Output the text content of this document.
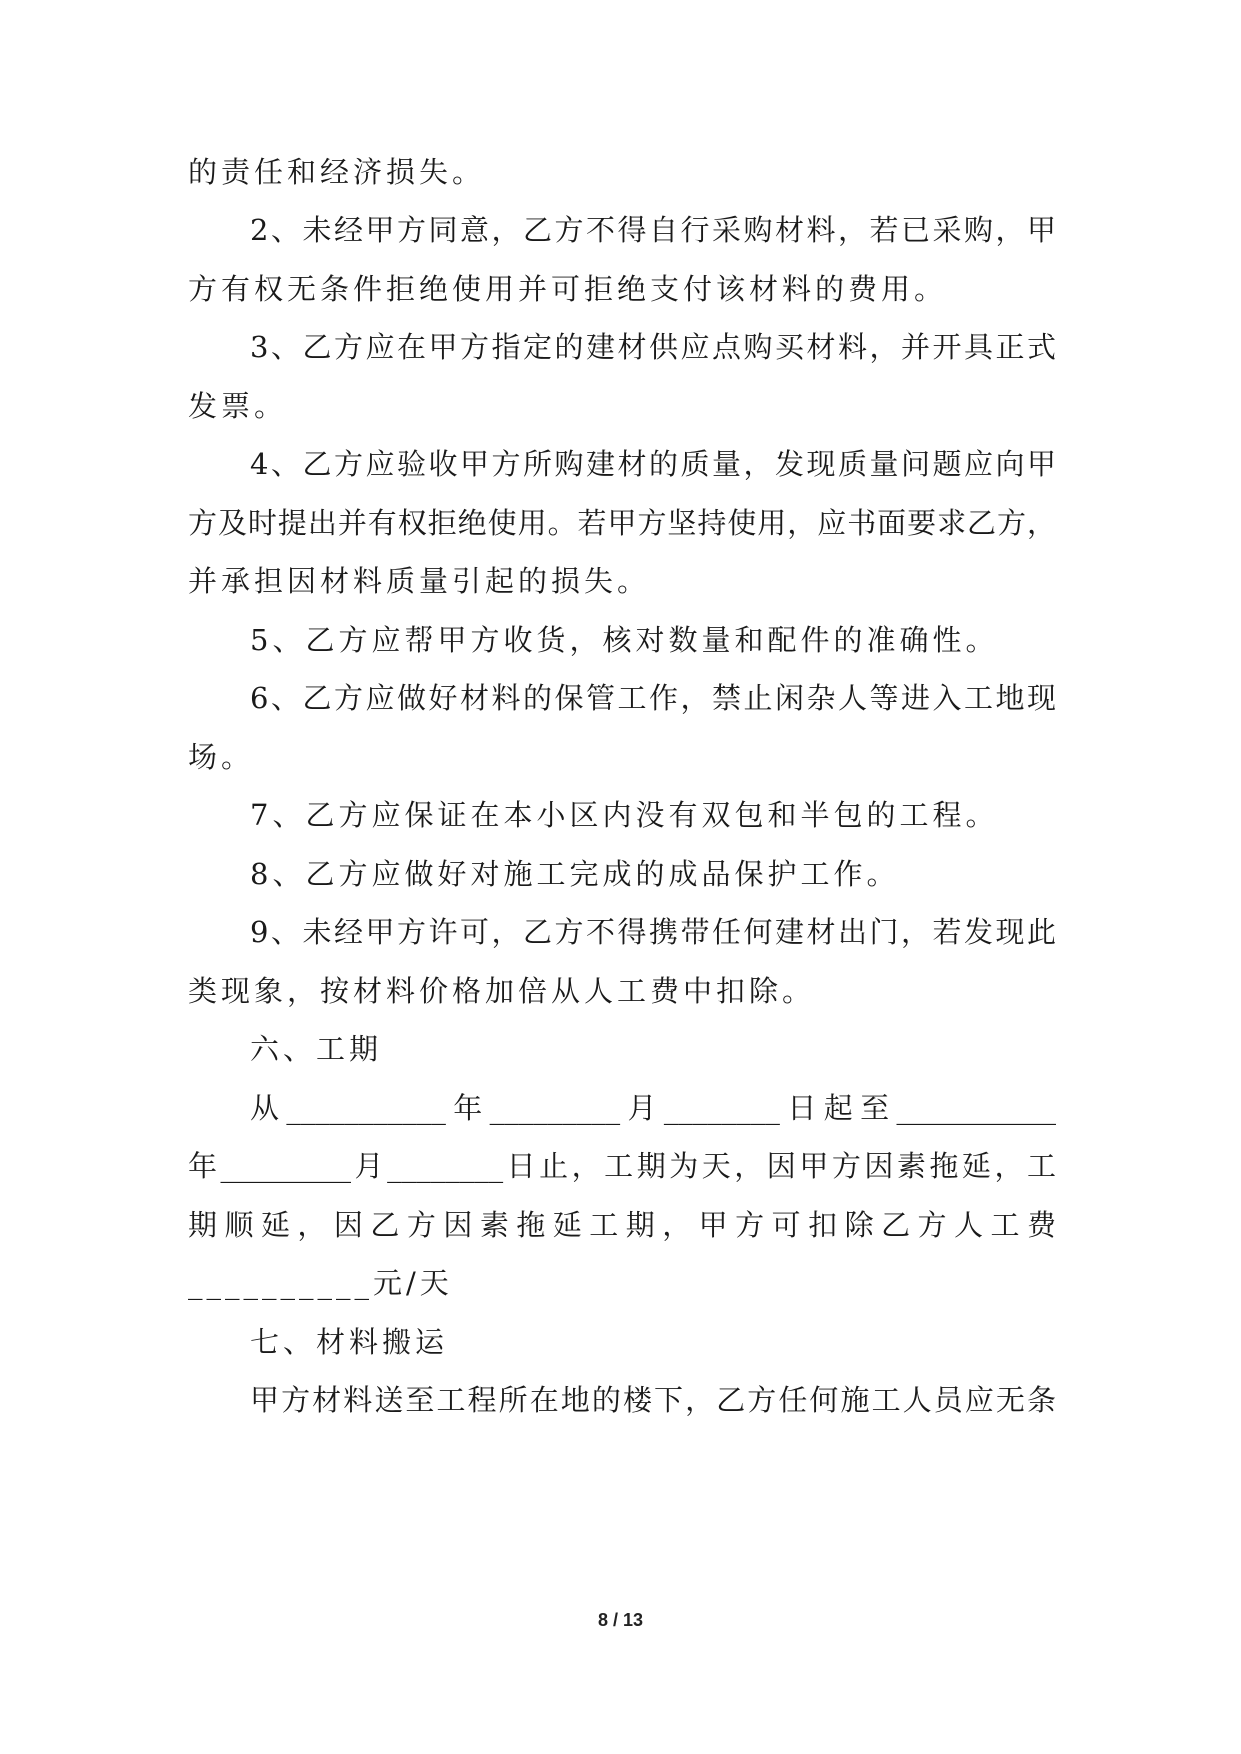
的责任和经济损失。
2、未经甲方同意，乙方不得自行采购材料，若已采购，甲
方有权无条件拒绝使用并可拒绝支付该材料的费用。
3、乙方应在甲方指定的建材供应点购买材料，并开具正式
发票。
4、乙方应验收甲方所购建材的质量，发现质量问题应向甲
方及时提出并有权拒绝使用。若甲方坚持使用，应书面要求乙方，
并承担因材料质量引起的损失。
5、乙方应帮甲方收货，核对数量和配件的准确性。
6、乙方应做好材料的保管工作，禁止闲杂人等进入工地现
场。
7、乙方应保证在本小区内没有双包和半包的工程。
8、乙方应做好对施工完成的成品保护工作。
9、未经甲方许可，乙方不得携带任何建材出门，若发现此
类现象，按材料价格加倍从人工费中扣除。
六、工期
从___________年_________月________日起至___________
年_________月________日止，工期为天，因甲方因素拖延，工
期顺延，因乙方因素拖延工期，甲方可扣除乙方人工费
__________元/天
七、材料搬运
甲方材料送至工程所在地的楼下，乙方任何施工人员应无条
8 / 13
